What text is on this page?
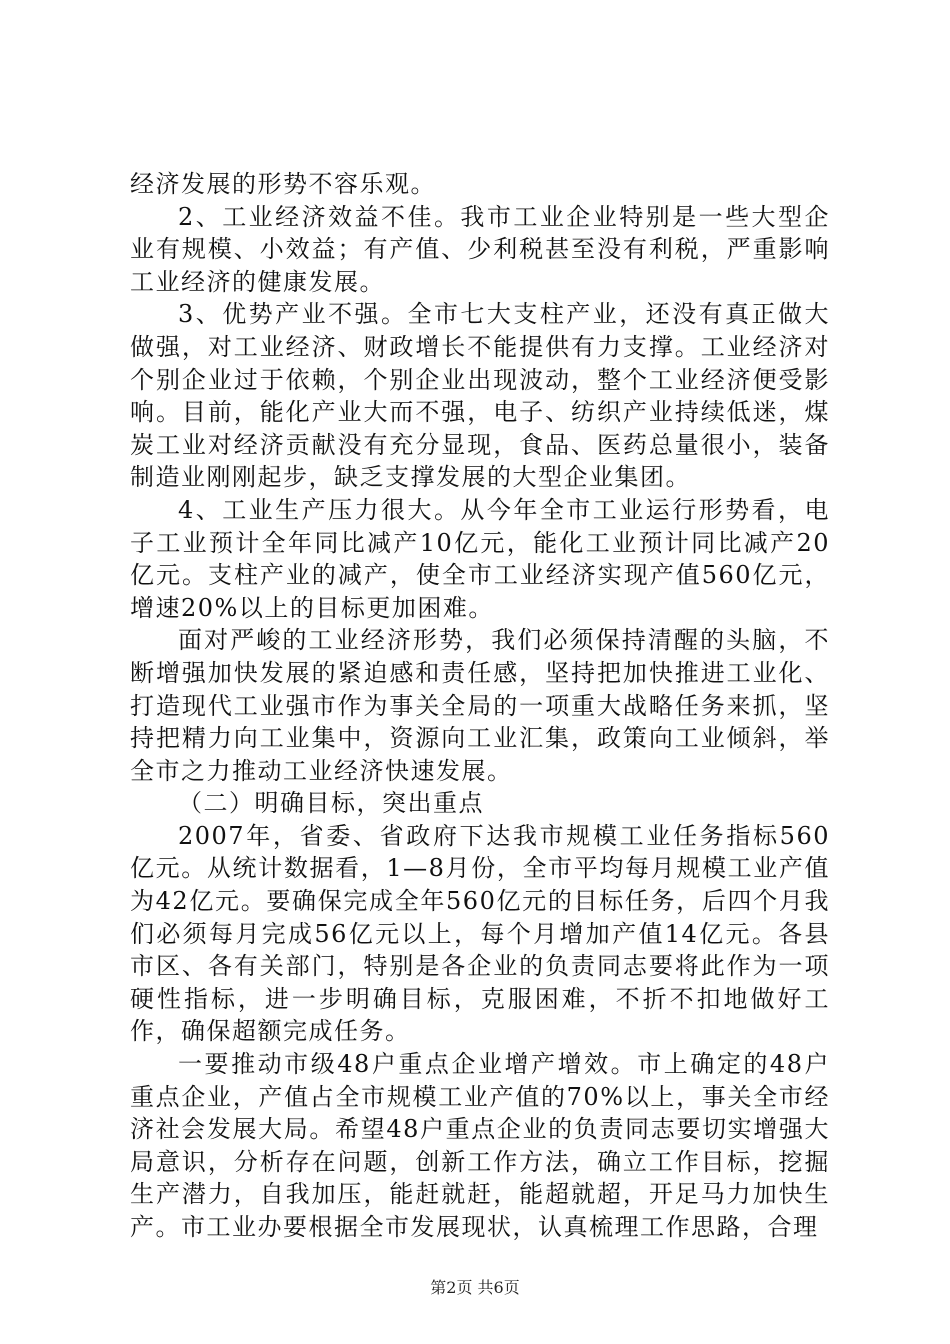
经济发展的形势不容乐观。

2、工业经济效益不佳。我市工业企业特别是一些大型企业有规模、小效益；有产值、少利税甚至没有利税，严重影响工业经济的健康发展。

3、优势产业不强。全市七大支柱产业，还没有真正做大做强，对工业经济、财政增长不能提供有力支撑。工业经济对个别企业过于依赖，个别企业出现波动，整个工业经济便受影响。目前，能化产业大而不强，电子、纺织产业持续低迷，煤炭工业对经济贡献没有充分显现，食品、医药总量很小，装备制造业刚刚起步，缺乏支撑发展的大型企业集团。

4、工业生产压力很大。从今年全市工业运行形势看，电子工业预计全年同比减产10亿元，能化工业预计同比减产20亿元。支柱产业的减产，使全市工业经济实现产值560亿元，增速20%以上的目标更加困难。

面对严峻的工业经济形势，我们必须保持清醒的头脑，不断增强加快发展的紧迫感和责任感，坚持把加快推进工业化、打造现代工业强市作为事关全局的一项重大战略任务来抓，坚持把精力向工业集中，资源向工业汇集，政策向工业倾斜，举全市之力推动工业经济快速发展。

（二）明确目标，突出重点

2007年，省委、省政府下达我市规模工业任务指标560亿元。从统计数据看，1—8月份，全市平均每月规模工业产值为42亿元。要确保完成全年560亿元的目标任务，后四个月我们必须每月完成56亿元以上，每个月增加产值14亿元。各县市区、各有关部门，特别是各企业的负责同志要将此作为一项硬性指标，进一步明确目标，克服困难，不折不扣地做好工作，确保超额完成任务。

一要推动市级48户重点企业增产增效。市上确定的48户重点企业，产值占全市规模工业产值的70%以上，事关全市经济社会发展大局。希望48户重点企业的负责同志要切实增强大局意识，分析存在问题，创新工作方法，确立工作目标，挖掘生产潜力，自我加压，能赶就赶，能超就超，开足马力加快生产。市工业办要根据全市发展现状，认真梳理工作思路，合理

第2页 共6页
